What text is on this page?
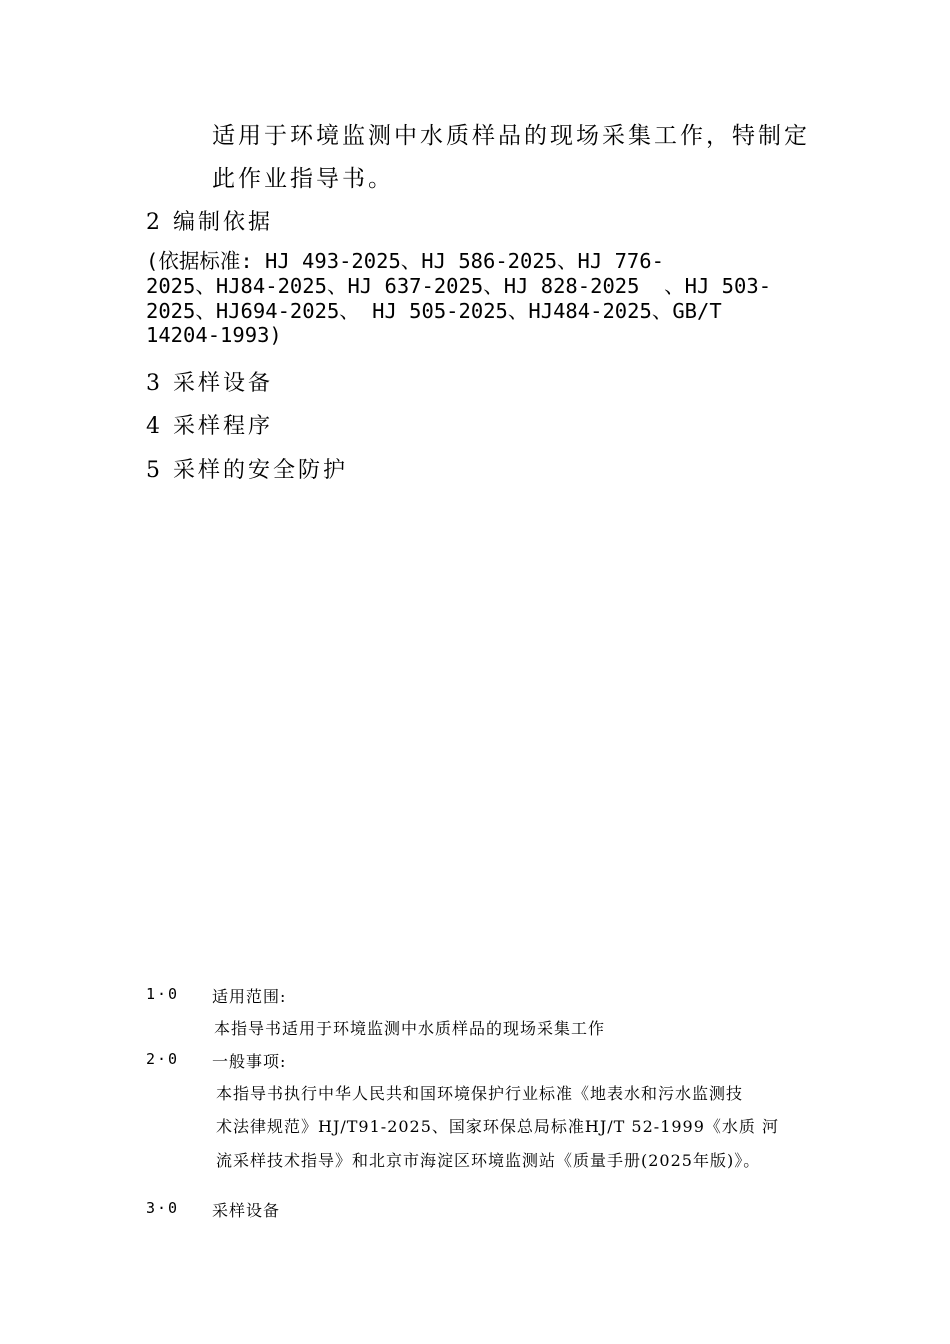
适用于环境监测中水质样品的现场采集工作，特制定
此作业指导书。
2 编制依据
(依据标准: HJ 493-2025、HJ 586-2025、HJ 776-
2025、HJ84-2025、HJ 637-2025、HJ 828-2025  、HJ 503-
2025、HJ694-2025、 HJ 505-2025、HJ484-2025、GB/T
14204-1993)
3 采样设备
4 采样程序
5 采样的安全防护
1·0 适用范围:
本指导书适用于环境监测中水质样品的现场采集工作
2·0 一般事项:
本指导书执行中华人民共和国环境保护行业标准《地表水和污水监测技
术法律规范》HJ/T91-2025、国家环保总局标准HJ/T 52-1999《水质 河
流采样技术指导》和北京市海淀区环境监测站《质量手册(2025年版)》。
3·0 采样设备
